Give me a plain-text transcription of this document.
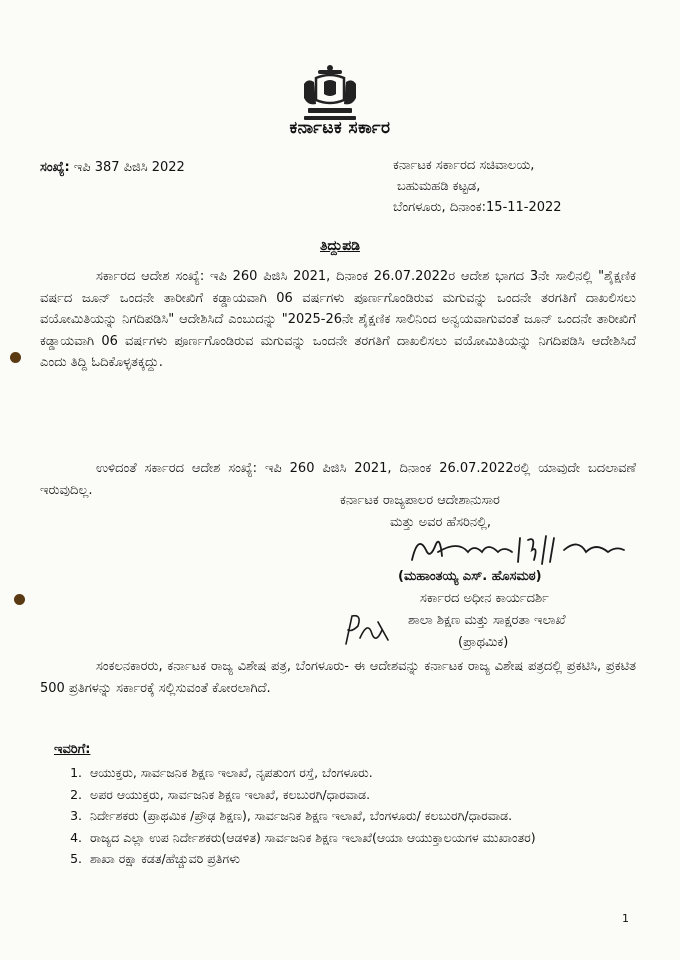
ಕರ್ನಾಟಕ ಸರ್ಕಾರ
ಸಂಖ್ಯೆ: ಇಪಿ 387 ಪಿಜಿಸಿ 2022	ಕರ್ನಾಟಕ ಸರ್ಕಾರದ ಸಚಿವಾಲಯ,
ಬಹುಮಹಡಿ ಕಟ್ಟಡ,
ಬೆಂಗಳೂರು, ದಿನಾಂಕ:15-11-2022
ತಿದ್ದುಪಡಿ
ಸರ್ಕಾರದ ಆದೇಶ ಸಂಖ್ಯೆ: ಇಪಿ 260 ಪಿಜಿಸಿ 2021, ದಿನಾಂಕ 26.07.2022ರ ಆದೇಶ ಭಾಗದ 3ನೇ ಸಾಲಿನಲ್ಲಿ "ಶೈಕ್ಷಣಿಕ ವರ್ಷದ ಜೂನ್ ಒಂದನೇ ತಾರೀಖಿಗೆ ಕಡ್ಡಾಯವಾಗಿ 06 ವರ್ಷಗಳು ಪೂರ್ಣಗೊಂಡಿರುವ ಮಗುವನ್ನು ಒಂದನೇ ತರಗತಿಗೆ ದಾಖಲಿಸಲು ವಯೋಮಿತಿಯನ್ನು ನಿಗದಿಪಡಿಸಿ" ಆದೇಶಿಸಿದೆ ಎಂಬುದನ್ನು "2025-26ನೇ ಶೈಕ್ಷಣಿಕ ಸಾಲಿನಿಂದ ಅನ್ವಯವಾಗುವಂತೆ ಜೂನ್ ಒಂದನೇ ತಾರೀಖಿಗೆ ಕಡ್ಡಾಯವಾಗಿ 06 ವರ್ಷಗಳು ಪೂರ್ಣಗೊಂಡಿರುವ ಮಗುವನ್ನು ಒಂದನೇ ತರಗತಿಗೆ ದಾಖಲಿಸಲು ವಯೋಮಿತಿಯನ್ನು ನಿಗದಿಪಡಿಸಿ ಆದೇಶಿಸಿದೆ ಎಂದು ತಿದ್ದಿ ಓದಿಕೊಳ್ಳತಕ್ಕದ್ದು.
ಉಳಿದಂತೆ ಸರ್ಕಾರದ ಆದೇಶ ಸಂಖ್ಯೆ: ಇಪಿ 260 ಪಿಜಿಸಿ 2021, ದಿನಾಂಕ 26.07.2022ರಲ್ಲಿ ಯಾವುದೇ ಬದಲಾವಣೆ ಇರುವುದಿಲ್ಲ.
ಕರ್ನಾಟಕ ರಾಜ್ಯಪಾಲರ ಆದೇಶಾನುಸಾರ
ಮತ್ತು ಅವರ ಹೆಸರಿನಲ್ಲಿ,
(ಮಹಾಂತಯ್ಯ ಎಸ್. ಹೊಸಮಠ)
ಸರ್ಕಾರದ ಅಧೀನ ಕಾರ್ಯದರ್ಶಿ
ಶಾಲಾ ಶಿಕ್ಷಣ ಮತ್ತು ಸಾಕ್ಷರತಾ ಇಲಾಖೆ
(ಪ್ರಾಥಮಿಕ)
ಸಂಕಲನಕಾರರು, ಕರ್ನಾಟಕ ರಾಜ್ಯ ವಿಶೇಷ ಪತ್ರ, ಬೆಂಗಳೂರು- ಈ ಆದೇಶವನ್ನು ಕರ್ನಾಟಕ ರಾಜ್ಯ ವಿಶೇಷ ಪತ್ರದಲ್ಲಿ ಪ್ರಕಟಿಸಿ, ಪ್ರಕಟಿತ 500 ಪ್ರತಿಗಳನ್ನು ಸರ್ಕಾರಕ್ಕೆ ಸಲ್ಲಿಸುವಂತೆ ಕೋರಲಾಗಿದೆ.
ಇವರಿಗೆ:
1. ಆಯುಕ್ತರು, ಸಾರ್ವಜನಿಕ ಶಿಕ್ಷಣ ಇಲಾಖೆ, ನೃಪತುಂಗ ರಸ್ತೆ, ಬೆಂಗಳೂರು.
2. ಅಪರ ಆಯುಕ್ತರು, ಸಾರ್ವಜನಿಕ ಶಿಕ್ಷಣ ಇಲಾಖೆ, ಕಲಬುರಗಿ/ಧಾರವಾಡ.
3. ನಿರ್ದೇಶಕರು (ಪ್ರಾಥಮಿಕ /ಪ್ರೌಢ ಶಿಕ್ಷಣ), ಸಾರ್ವಜನಿಕ ಶಿಕ್ಷಣ ಇಲಾಖೆ, ಬೆಂಗಳೂರು/ ಕಲಬುರಗಿ/ಧಾರವಾಡ.
4. ರಾಜ್ಯದ ಎಲ್ಲಾ ಉಪ ನಿರ್ದೇಶಕರು(ಆಡಳಿತ) ಸಾರ್ವಜನಿಕ ಶಿಕ್ಷಣ ಇಲಾಖೆ(ಆಯಾ ಆಯುಕ್ತಾಲಯಗಳ ಮುಖಾಂತರ)
5. ಶಾಖಾ ರಕ್ಷಾ ಕಡತ/ಹೆಚ್ಚುವರಿ ಪ್ರತಿಗಳು
1
